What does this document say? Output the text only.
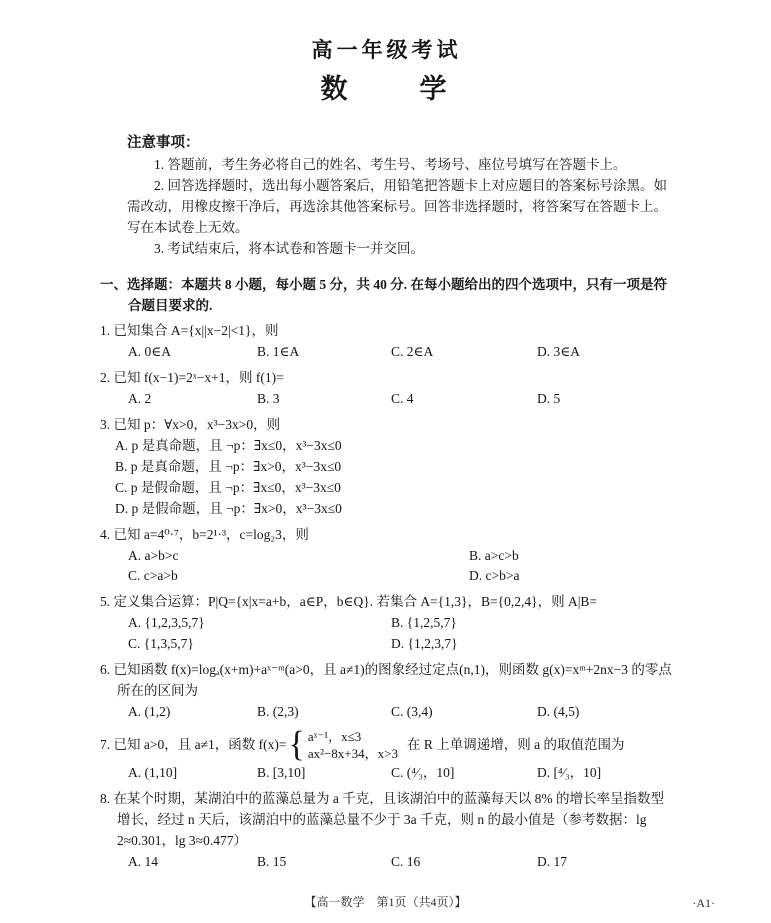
高一年级考试
数　　学

注意事项：

1. 答题前，考生务必将自己的姓名、考生号、考场号、座位号填写在答题卡上。

2. 回答选择题时，选出每小题答案后，用铅笔把答题卡上对应题目的答案标号涂黑。如需改动，用橡皮擦干净后，再选涂其他答案标号。回答非选择题时，将答案写在答题卡上。写在本试卷上无效。

3. 考试结束后，将本试卷和答题卡一并交回。

一、选择题：本题共 8 小题，每小题 5 分，共 40 分. 在每小题给出的四个选项中，只有一项是符合题目要求的.

1. 已知集合 A={x||x−2|<1}，则

A. 0∈A	B. 1∈A	C. 2∈A	D. 3∈A

2. 已知 f(x−1)=2ˣ−x+1，则 f(1)=

A. 2	B. 3	C. 4	D. 5

3. 已知 p：∀x>0，x³−3x>0，则

A. p 是真命题，且 ¬p：∃x≤0，x³−3x≤0
B. p 是真命题，且 ¬p：∃x>0，x³−3x≤0
C. p 是假命题，且 ¬p：∃x≤0，x³−3x≤0
D. p 是假命题，且 ¬p：∃x>0，x³−3x≤0

4. 已知 a=4⁰·⁷，b=2¹·³，c=log₂3，则

A. a>b>c	B. a>c>b
C. c>a>b	D. c>b>a

5. 定义集合运算：P|Q={x|x=a+b，a∈P，b∈Q}. 若集合 A={1,3}，B={0,2,4}，则 A|B=

A. {1,2,3,5,7}	B. {1,2,5,7}
C. {1,3,5,7}	D. {1,2,3,7}

6. 已知函数 f(x)=logₐ(x+m)+aˣ⁻ᵐ(a>0，且 a≠1)的图象经过定点(n,1)，则函数 g(x)=xᵐ+2nx−3 的零点所在的区间为

A. (1,2)	B. (2,3)	C. (3,4)	D. (4,5)
7. 已知 a>0，且 a≠1，函数 f(x)= { aˣ⁻¹，x≤3
ax²−8x+34，x>3
在 R 上单调递增，则 a 的取值范围为
A. (1,10]	B. [3,10]	C. (⁴⁄₃，10]	D. [⁴⁄₃，10]

8. 在某个时期，某湖泊中的蓝藻总量为 a 千克，且该湖泊中的蓝藻每天以 8% 的增长率呈指数型增长，经过 n 天后，该湖泊中的蓝藻总量不少于 3a 千克，则 n 的最小值是（参考数据：lg 2≈0.301，lg 3≈0.477）

A. 14	B. 15	C. 16	D. 17
【高一数学　第1页（共4页）】	·A1·
